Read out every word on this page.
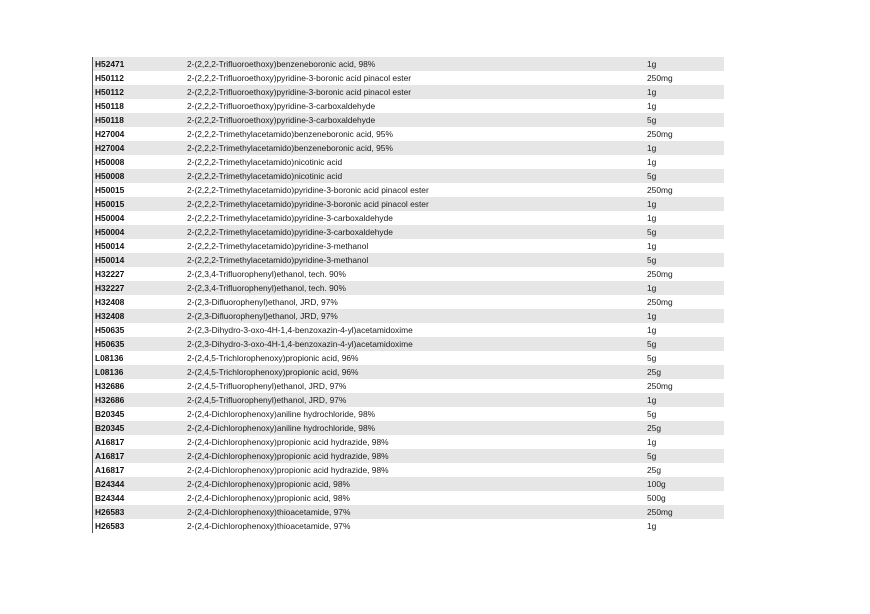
H52471	2-(2,2,2-Trifluoroethoxy)benzeneboronic acid, 98%	1g
H50112	2-(2,2,2-Trifluoroethoxy)pyridine-3-boronic acid pinacol ester	250mg
H50112	2-(2,2,2-Trifluoroethoxy)pyridine-3-boronic acid pinacol ester	1g
H50118	2-(2,2,2-Trifluoroethoxy)pyridine-3-carboxaldehyde	1g
H50118	2-(2,2,2-Trifluoroethoxy)pyridine-3-carboxaldehyde	5g
H27004	2-(2,2,2-Trimethylacetamido)benzeneboronic acid, 95%	250mg
H27004	2-(2,2,2-Trimethylacetamido)benzeneboronic acid, 95%	1g
H50008	2-(2,2,2-Trimethylacetamido)nicotinic acid	1g
H50008	2-(2,2,2-Trimethylacetamido)nicotinic acid	5g
H50015	2-(2,2,2-Trimethylacetamido)pyridine-3-boronic acid pinacol ester	250mg
H50015	2-(2,2,2-Trimethylacetamido)pyridine-3-boronic acid pinacol ester	1g
H50004	2-(2,2,2-Trimethylacetamido)pyridine-3-carboxaldehyde	1g
H50004	2-(2,2,2-Trimethylacetamido)pyridine-3-carboxaldehyde	5g
H50014	2-(2,2,2-Trimethylacetamido)pyridine-3-methanol	1g
H50014	2-(2,2,2-Trimethylacetamido)pyridine-3-methanol	5g
H32227	2-(2,3,4-Trifluorophenyl)ethanol, tech. 90%	250mg
H32227	2-(2,3,4-Trifluorophenyl)ethanol, tech. 90%	1g
H32408	2-(2,3-Difluorophenyl)ethanol, JRD, 97%	250mg
H32408	2-(2,3-Difluorophenyl)ethanol, JRD, 97%	1g
H50635	2-(2,3-Dihydro-3-oxo-4H-1,4-benzoxazin-4-yl)acetamidoxime	1g
H50635	2-(2,3-Dihydro-3-oxo-4H-1,4-benzoxazin-4-yl)acetamidoxime	5g
L08136	2-(2,4,5-Trichlorophenoxy)propionic acid, 96%	5g
L08136	2-(2,4,5-Trichlorophenoxy)propionic acid, 96%	25g
H32686	2-(2,4,5-Trifluorophenyl)ethanol, JRD, 97%	250mg
H32686	2-(2,4,5-Trifluorophenyl)ethanol, JRD, 97%	1g
B20345	2-(2,4-Dichlorophenoxy)aniline hydrochloride, 98%	5g
B20345	2-(2,4-Dichlorophenoxy)aniline hydrochloride, 98%	25g
A16817	2-(2,4-Dichlorophenoxy)propionic acid hydrazide, 98%	1g
A16817	2-(2,4-Dichlorophenoxy)propionic acid hydrazide, 98%	5g
A16817	2-(2,4-Dichlorophenoxy)propionic acid hydrazide, 98%	25g
B24344	2-(2,4-Dichlorophenoxy)propionic acid, 98%	100g
B24344	2-(2,4-Dichlorophenoxy)propionic acid, 98%	500g
H26583	2-(2,4-Dichlorophenoxy)thioacetamide, 97%	250mg
H26583	2-(2,4-Dichlorophenoxy)thioacetamide, 97%	1g
